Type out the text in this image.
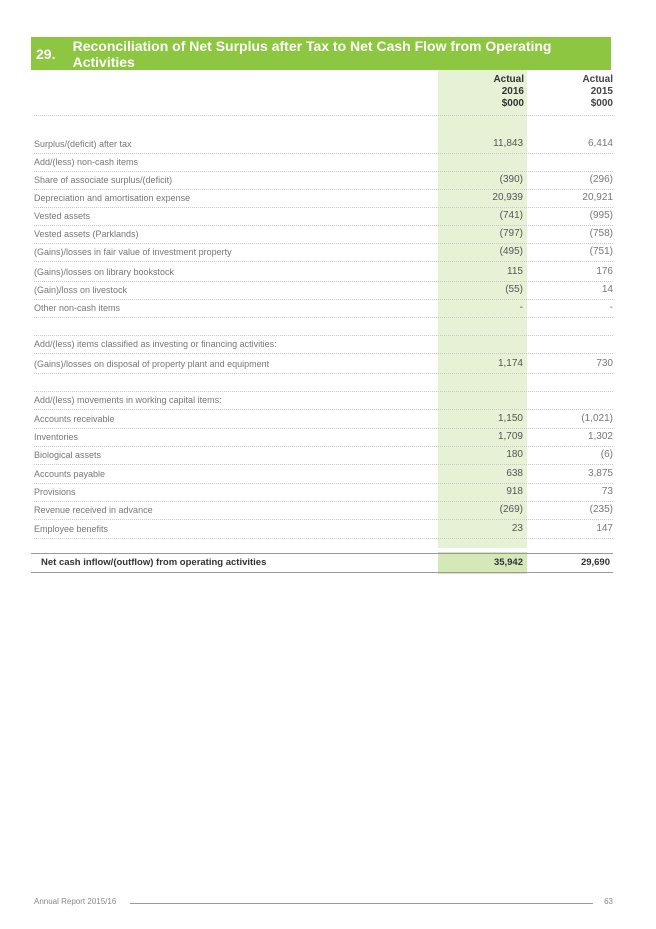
29.	Reconciliation of Net Surplus after Tax to Net Cash Flow from Operating Activities
Actual
2016
$000
Actual
2015
$000
Surplus/(deficit) after tax	11,843	6,414
Add/(less) non-cash items
Share of associate surplus/(deficit)	(390)	(296)
Depreciation and amortisation expense	20,939	20,921
Vested assets	(741)	(995)
Vested assets (Parklands)	(797)	(758)
(Gains)/losses in fair value of investment property	(495)	(751)
(Gains)/losses on library bookstock	115	176
(Gain)/loss on livestock	(55)	14
Other non-cash items	-	-
Add/(less) items classified as investing or financing activities:
(Gains)/losses on disposal of property plant and equipment	1,174	730
Add/(less) movements in working capital items:
Accounts receivable	1,150	(1,021)
Inventories	1,709	1,302
Biological assets	180	(6)
Accounts payable	638	3,875
Provisions	918	73
Revenue received in advance	(269)	(235)
Employee benefits	23	147
Net cash inflow/(outflow) from operating activities	35,942	29,690
Annual Report 2015/16	63
